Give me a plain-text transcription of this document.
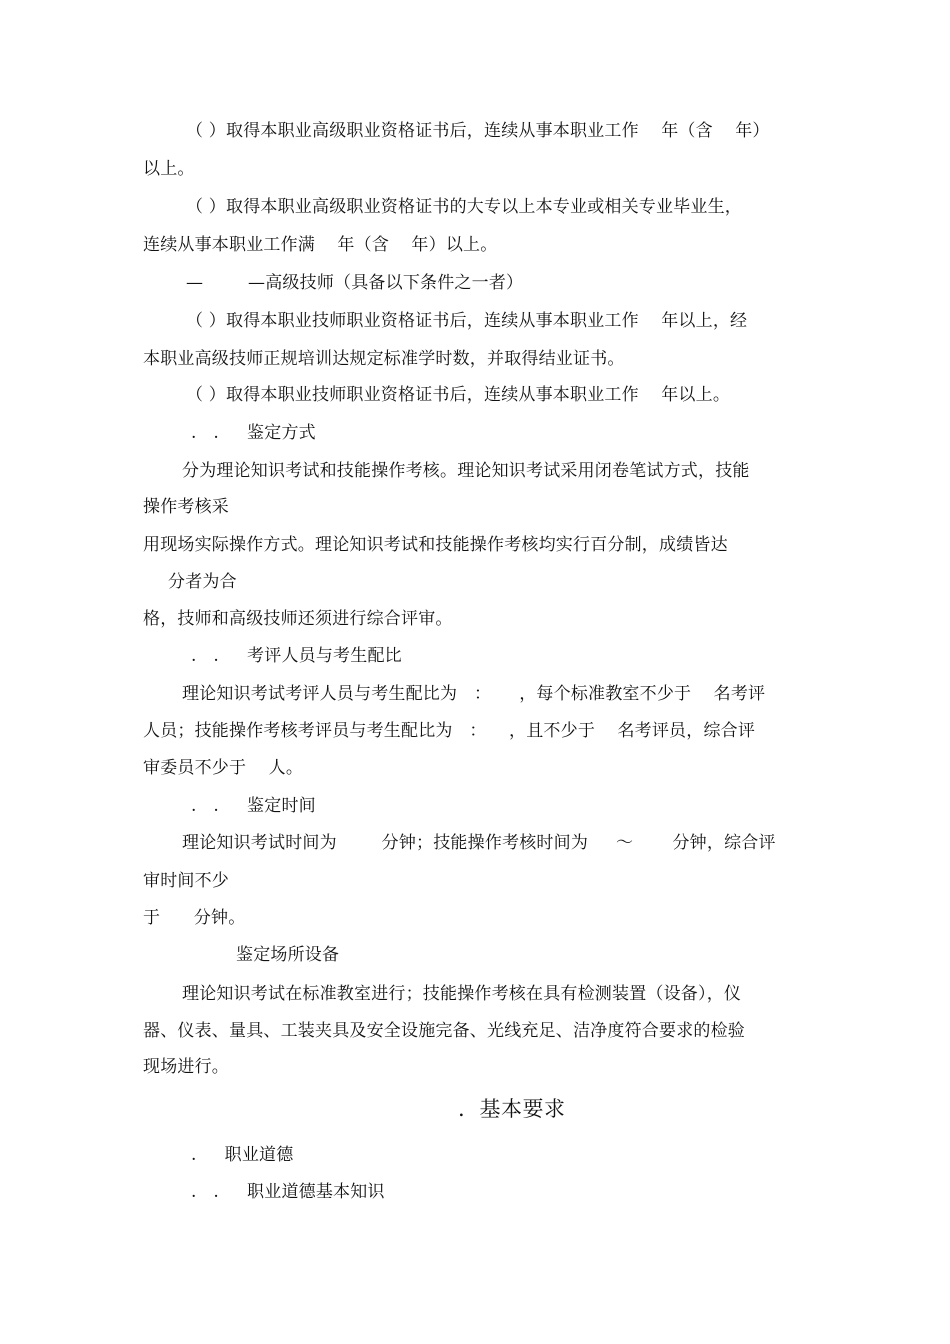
（ ）取得本职业高级职业资格证书后，连续从事本职业工作    年（含    年）
以上。
（ ）取得本职业高级职业资格证书的大专以上本专业或相关专业毕业生，
连续从事本职业工作满    年（含    年）以上。
—        —高级技师（具备以下条件之一者）
（ ）取得本职业技师职业资格证书后，连续从事本职业工作    年以上，经
本职业高级技师正规培训达规定标准学时数，并取得结业证书。
（ ）取得本职业技师职业资格证书后，连续从事本职业工作    年以上。
.   .     鉴定方式
分为理论知识考试和技能操作考核。理论知识考试采用闭卷笔试方式，技能
操作考核采
用现场实际操作方式。理论知识考试和技能操作考核均实行百分制，成绩皆达
分者为合
格，技师和高级技师还须进行综合评审。
.   .     考评人员与考生配比
理论知识考试考评人员与考生配比为   ：     ，每个标准教室不少于    名考评
人员；技能操作考核考评员与考生配比为   ：    ，且不少于    名考评员，综合评
审委员不少于    人。
.   .     鉴定时间
理论知识考试时间为        分钟；技能操作考核时间为     ～       分钟，综合评
审时间不少
于      分钟。
鉴定场所设备
理论知识考试在标准教室进行；技能操作考核在具有检测装置（设备），仪
器、仪表、量具、工装夹具及安全设施完备、光线充足、洁净度符合要求的检验
现场进行。
.  基本要求
.     职业道德
.   .     职业道德基本知识
